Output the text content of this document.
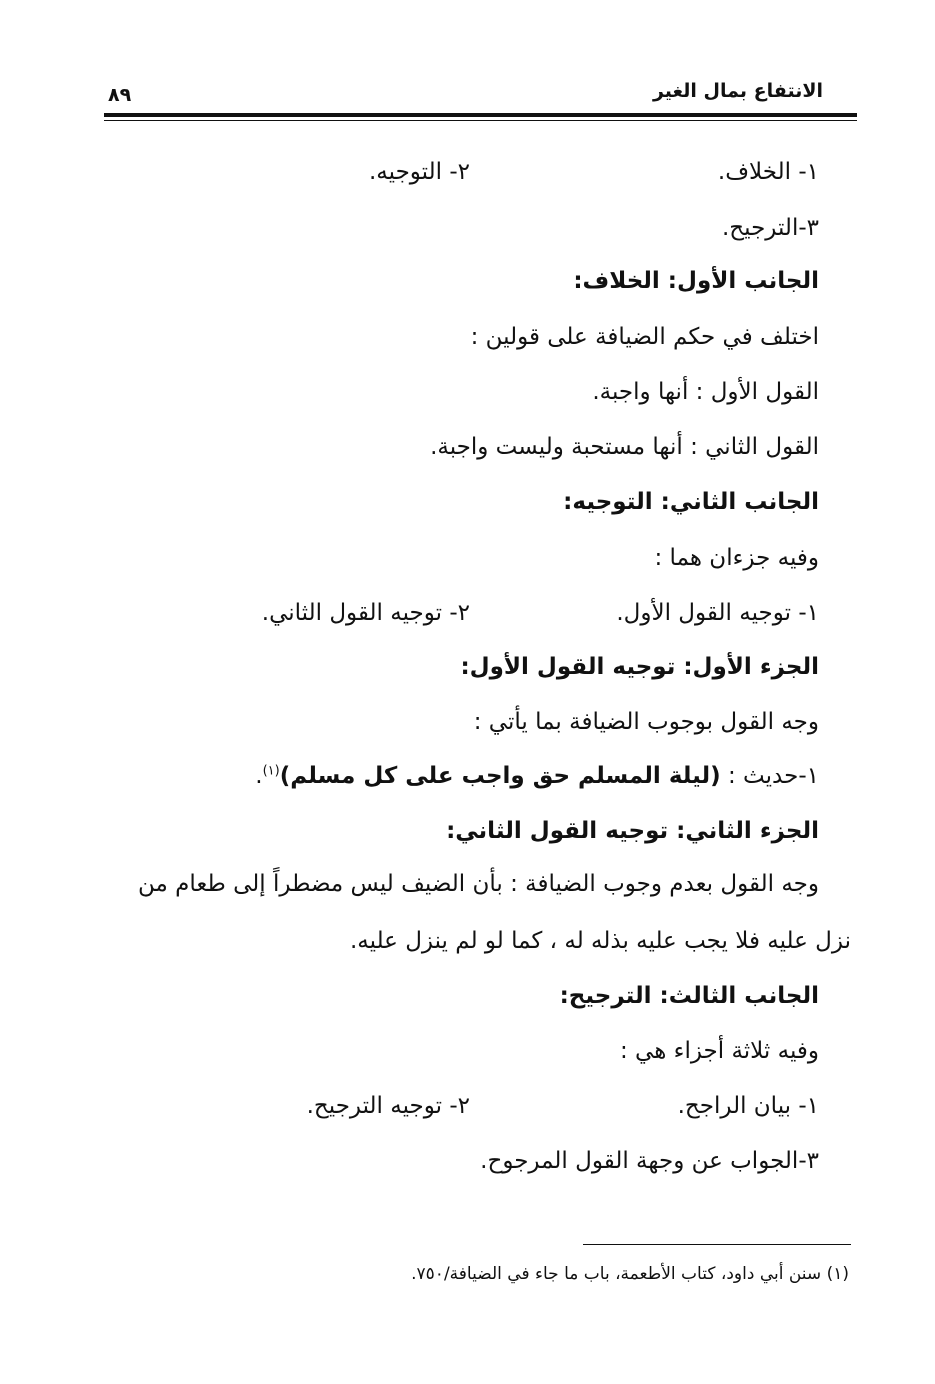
الانتفاع بمال الغير
٨٩
١- الخلاف.
٢- التوجيه.
٣-الترجيح.
الجانب الأول: الخلاف:
اختلف في حكم الضيافة على قولين :
القول الأول : أنها واجبة.
القول الثاني : أنها مستحبة وليست واجبة.
الجانب الثاني: التوجيه:
وفيه جزءان هما :
١- توجيه القول الأول.
٢- توجيه القول الثاني.
الجزء الأول: توجيه القول الأول:
وجه القول بوجوب الضيافة بما يأتي :
١-حديث : (ليلة المسلم حق واجب على كل مسلم)$^{(١)}$.
الجزء الثاني: توجيه القول الثاني:
وجه القول بعدم وجوب الضيافة : بأن الضيف ليس مضطراً إلى طعام من
نزل عليه فلا يجب عليه بذله له ، كما لو لم ينزل عليه.
الجانب الثالث: الترجيح:
وفيه ثلاثة أجزاء هي :
١- بيان الراجح.
٢- توجيه الترجيح.
٣-الجواب عن وجهة القول المرجوح.
(١) سنن أبي داود، كتاب الأطعمة، باب ما جاء في الضيافة/٧٥٠.
